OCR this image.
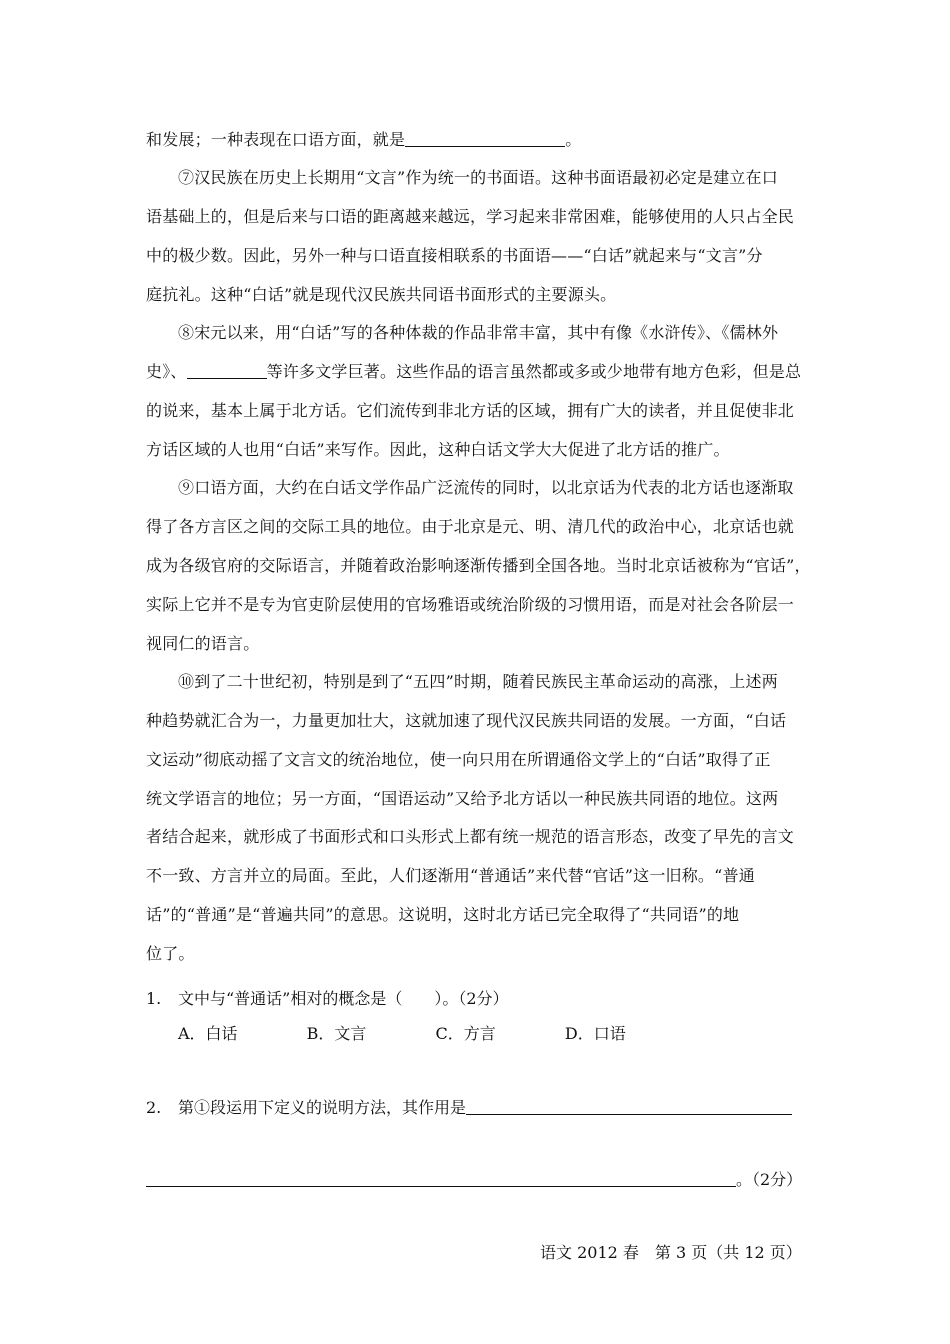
和发展；一种表现在口语方面，就是	。
⑦汉民族在历史上长期用“文言”作为统一的书面语。这种书面语最初必定是建立在口
语基础上的，但是后来与口语的距离越来越远，学习起来非常困难，能够使用的人只占全民
中的极少数。因此，另外一种与口语直接相联系的书面语——“白话”就起来与“文言”分
庭抗礼。这种“白话”就是现代汉民族共同语书面形式的主要源头。
⑧宋元以来，用“白话”写的各种体裁的作品非常丰富，其中有像《水浒传》、《儒林外
史》、	等许多文学巨著。这些作品的语言虽然都或多或少地带有地方色彩，但是总
的说来，基本上属于北方话。它们流传到非北方话的区域，拥有广大的读者，并且促使非北
方话区域的人也用“白话”来写作。因此，这种白话文学大大促进了北方话的推广。
⑨口语方面，大约在白话文学作品广泛流传的同时，以北京话为代表的北方话也逐渐取
得了各方言区之间的交际工具的地位。由于北京是元、明、清几代的政治中心，北京话也就
成为各级官府的交际语言，并随着政治影响逐渐传播到全国各地。当时北京话被称为“官话”，
实际上它并不是专为官吏阶层使用的官场雅语或统治阶级的习惯用语，而是对社会各阶层一
视同仁的语言。
⑩到了二十世纪初，特别是到了“五四”时期，随着民族民主革命运动的高涨，上述两
种趋势就汇合为一，力量更加壮大，这就加速了现代汉民族共同语的发展。一方面，“白话
文运动”彻底动摇了文言文的统治地位，使一向只用在所谓通俗文学上的“白话”取得了正
统文学语言的地位；另一方面，“国语运动”又给予北方话以一种民族共同语的地位。这两
者结合起来，就形成了书面形式和口头形式上都有统一规范的语言形态，改变了早先的言文
不一致、方言并立的局面。至此，人们逐渐用“普通话”来代替“官话”这一旧称。“普通
话”的“普通”是“普遍共同”的意思。这说明，这时北方话已完全取得了“共同语”的地
位了。
1. 文中与“普通话”相对的概念是（　　）。（2分）
A．白话	B．文言	C．方言	D．口语
2. 第①段运用下定义的说明方法，其作用是
。（2分）
语文 2012 春　第 3 页（共 12 页）
